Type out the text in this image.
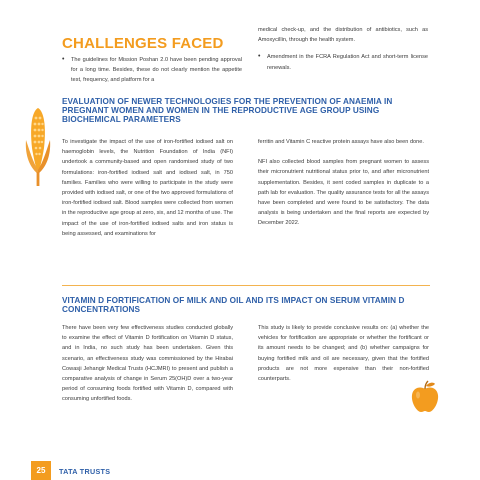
CHALLENGES FACED
• The guidelines for Mission Poshan 2.0 have been pending approval for a long time. Besides, these do not clearly mention the appetite test, frequency, and platform for a

medical check-up, and the distribution of antibiotics, such as Amoxycillin, through the health system.

• Amendment in the FCRA Regulation Act and short-term license renewals.
EVALUATION OF NEWER TECHNOLOGIES FOR THE PREVENTION OF ANAEMIA IN PREGNANT WOMEN AND WOMEN IN THE REPRODUCTIVE AGE GROUP USING BIOCHEMICAL PARAMETERS

To investigate the impact of the use of iron-fortified iodised salt on haemoglobin levels, the Nutrition Foundation of India (NFI) undertook a community-based and open randomised study of two formulations: iron-fortified iodised salt and iodised salt, in 750 families. Families who were willing to participate in the study were provided with iodised salt, or one of the two approved formulations of iron-fortified iodised salt. Blood samples were collected from women in the reproductive age group at zero, six, and 12 months of use. The impact of the use of iron-fortified iodised salts and iron status is being assessed, and examinations for

ferritin and Vitamin C reactive protein assays have also been done.

NFI also collected blood samples from pregnant women to assess their micronutrient nutritional status prior to, and after micronutrient supplementation. Besides, it sent coded samples in duplicate to a path lab for evaluation. The quality assurance tests for all the assays have been completed and were found to be satisfactory. The data analysis is being undertaken and the final reports are expected by December 2022.

VITAMIN D FORTIFICATION OF MILK AND OIL AND ITS IMPACT ON SERUM VITAMIN D CONCENTRATIONS

There have been very few effectiveness studies conducted globally to examine the effect of Vitamin D fortification on Vitamin D status, and in India, no such study has been undertaken. Given this scenario, an effectiveness study was commissioned by the Hirabai Cowasji Jehangir Medical Trusts (HCJMRI) to present and publish a comparative analysis of change in Serum 25(OH)D over a two-year period of consuming foods fortified with Vitamin D, compared with consuming unfortified foods.

This study is likely to provide conclusive results on: (a) whether the vehicles for fortification are appropriate or whether the fortificant or its amount needs to be changed; and (b) whether campaigns for buying fortified milk and oil are necessary, given that the fortified products are not more expensive than their non-fortified counterparts.

25	TATA TRUSTS
